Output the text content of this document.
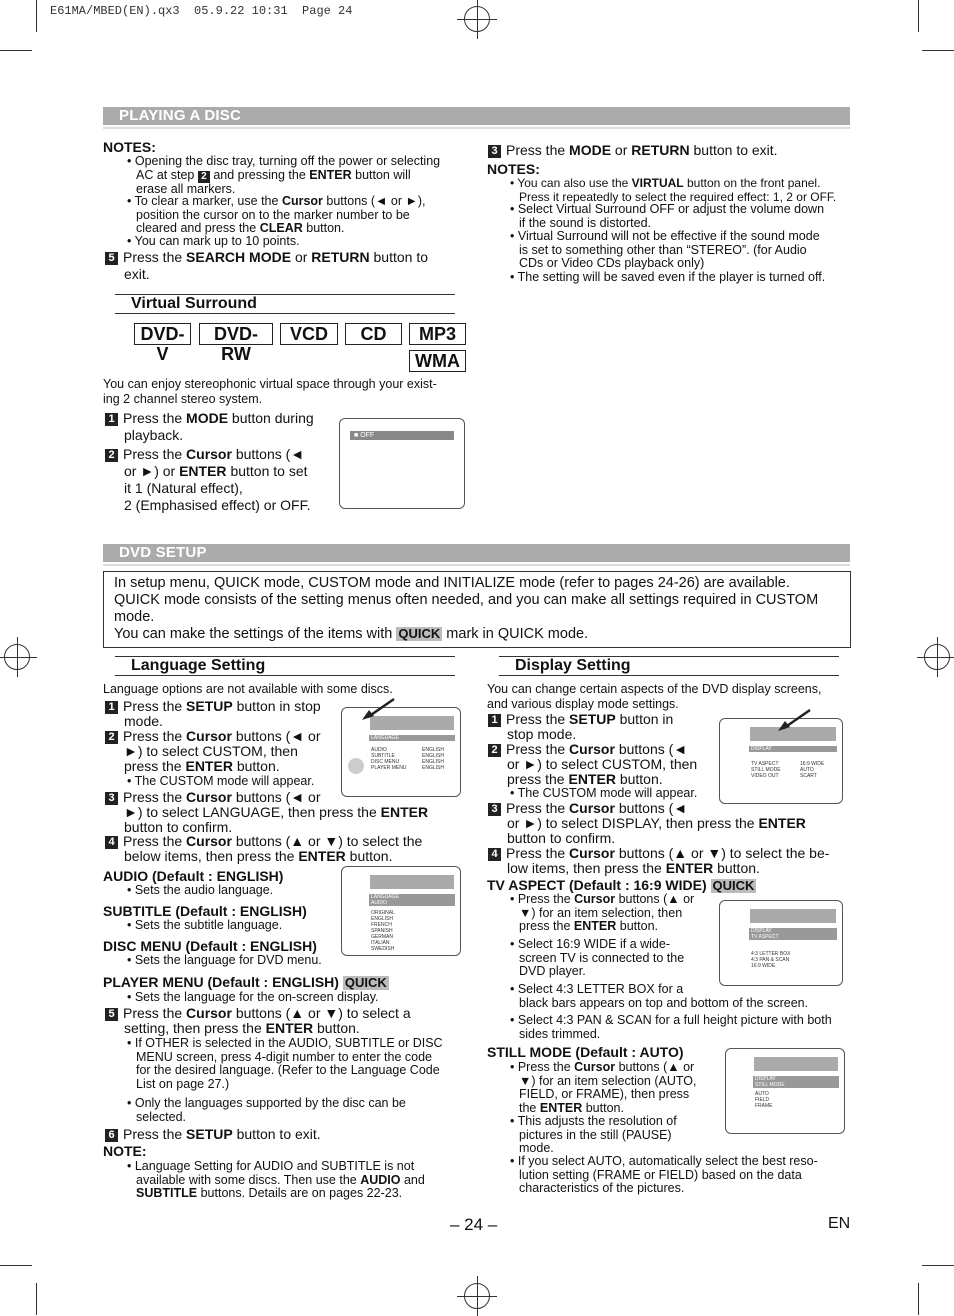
E61MA/MBED(EN).qx3  05.9.22 10:31  Page 24
PLAYING A DISC
NOTES:
• Opening the disc tray, turning off the power or selecting
AC at step 2 and pressing the ENTER button will
erase all markers.
• To clear a marker, use the Cursor buttons (◄ or ►),
position the cursor on to the marker number to be
cleared and press the CLEAR button.
• You can mark up to 10 points.
5 Press the SEARCH MODE or RETURN button to
exit.
3 Press the MODE or RETURN button to exit.
NOTES:
• You can also use the VIRTUAL button on the front panel.
Press it repeatedly to select the required effect: 1, 2 or OFF.
• Select Virtual Surround OFF or adjust the volume down
if the sound is distorted.
• Virtual Surround will not be effective if the sound mode
is set to something other than “STEREO”. (for Audio
CDs or Video CDs playback only)
• The setting will be saved even if the player is turned off.
Virtual Surround
DVD-V
DVD-RW
VCD	CD	MP3
WMA
You can enjoy stereophonic virtual space through your exist-
ing 2 channel stereo system.
1 Press the MODE button during
playback.
2 Press the Cursor buttons (◄
or ►) or ENTER button to set
it 1 (Natural effect),
2 (Emphasised effect) or OFF.
■ OFF
DVD SETUP
In setup menu, QUICK mode, CUSTOM mode and INITIALIZE mode (refer to pages 24-26) are available.
QUICK mode consists of the setting menus often needed, and you can make all settings required in CUSTOM
mode.
You can make the settings of the items with QUICK mark in QUICK mode.
Language Setting
Language options are not available with some discs.
1 Press the SETUP button in stop
mode.
2 Press the Cursor buttons (◄ or
►) to select CUSTOM, then
press the ENTER button.
• The CUSTOM mode will appear.
3 Press the Cursor buttons (◄ or
►) to select LANGUAGE, then press the ENTER
button to confirm.
4 Press the Cursor buttons (▲ or ▼) to select the
below items, then press the ENTER button.
AUDIO (Default : ENGLISH)
• Sets the audio language.
SUBTITLE (Default : ENGLISH)
• Sets the subtitle language.
DISC MENU (Default : ENGLISH)
• Sets the language for DVD menu.
PLAYER MENU (Default : ENGLISH) QUICK
• Sets the language for the on-screen display.
5 Press the Cursor buttons (▲ or ▼) to select a
setting, then press the ENTER button.
• If OTHER is selected in the AUDIO, SUBTITLE or DISC
MENU screen, press 4-digit number to enter the code
for the desired language. (Refer to the Language Code
List on page 27.)
• Only the languages supported by the disc can be
selected.
6 Press the SETUP button to exit.
NOTE:
• Language Setting for AUDIO and SUBTITLE is not
available with some discs. Then use the AUDIO and
SUBTITLE buttons. Details are on pages 22-23.
LANGUAGE
AUDIO
SUBTITLE
DISC MENU
PLAYER MENU
ENGLISH
ENGLISH
ENGLISH
ENGLISH
LANGUAGE
AUDIO
ORIGINAL
ENGLISH
FRENCH
SPANISH
GERMAN
ITALIAN
SWEDISH
Display Setting
You can change certain aspects of the DVD display screens,
and various display mode settings.
1 Press the SETUP button in
stop mode.
2 Press the Cursor buttons (◄
or ►) to select CUSTOM, then
press the ENTER button.
• The CUSTOM mode will appear.
3 Press the Cursor buttons (◄
or ►) to select DISPLAY, then press the ENTER
button to confirm.
4 Press the Cursor buttons (▲ or ▼) to select the be-
low items, then press the ENTER button.
TV ASPECT (Default : 16:9 WIDE) QUICK
• Press the Cursor buttons (▲ or
▼) for an item selection, then
press the ENTER button.
• Select 16:9 WIDE if a wide-
screen TV is connected to the
DVD player.
• Select 4:3 LETTER BOX for a
black bars appears on top and bottom of the screen.
• Select 4:3 PAN & SCAN for a full height picture with both
sides trimmed.
STILL MODE (Default : AUTO)
• Press the Cursor buttons (▲ or
▼) for an item selection (AUTO,
FIELD, or FRAME), then press
the ENTER button.
• This adjusts the resolution of
pictures in the still (PAUSE)
mode.
• If you select AUTO, automatically select the best reso-
lution setting (FRAME or FIELD) based on the data
characteristics of the pictures.
DISPLAY
TV ASPECT
STILL MODE
VIDEO OUT
16:9 WIDE
AUTO
SCART
DISPLAY
TV ASPECT
4:3 LETTER BOX
4:3 PAN & SCAN
16:9 WIDE
DISPLAY
STILL MODE
AUTO
FIELD
FRAME
– 24 –	EN
